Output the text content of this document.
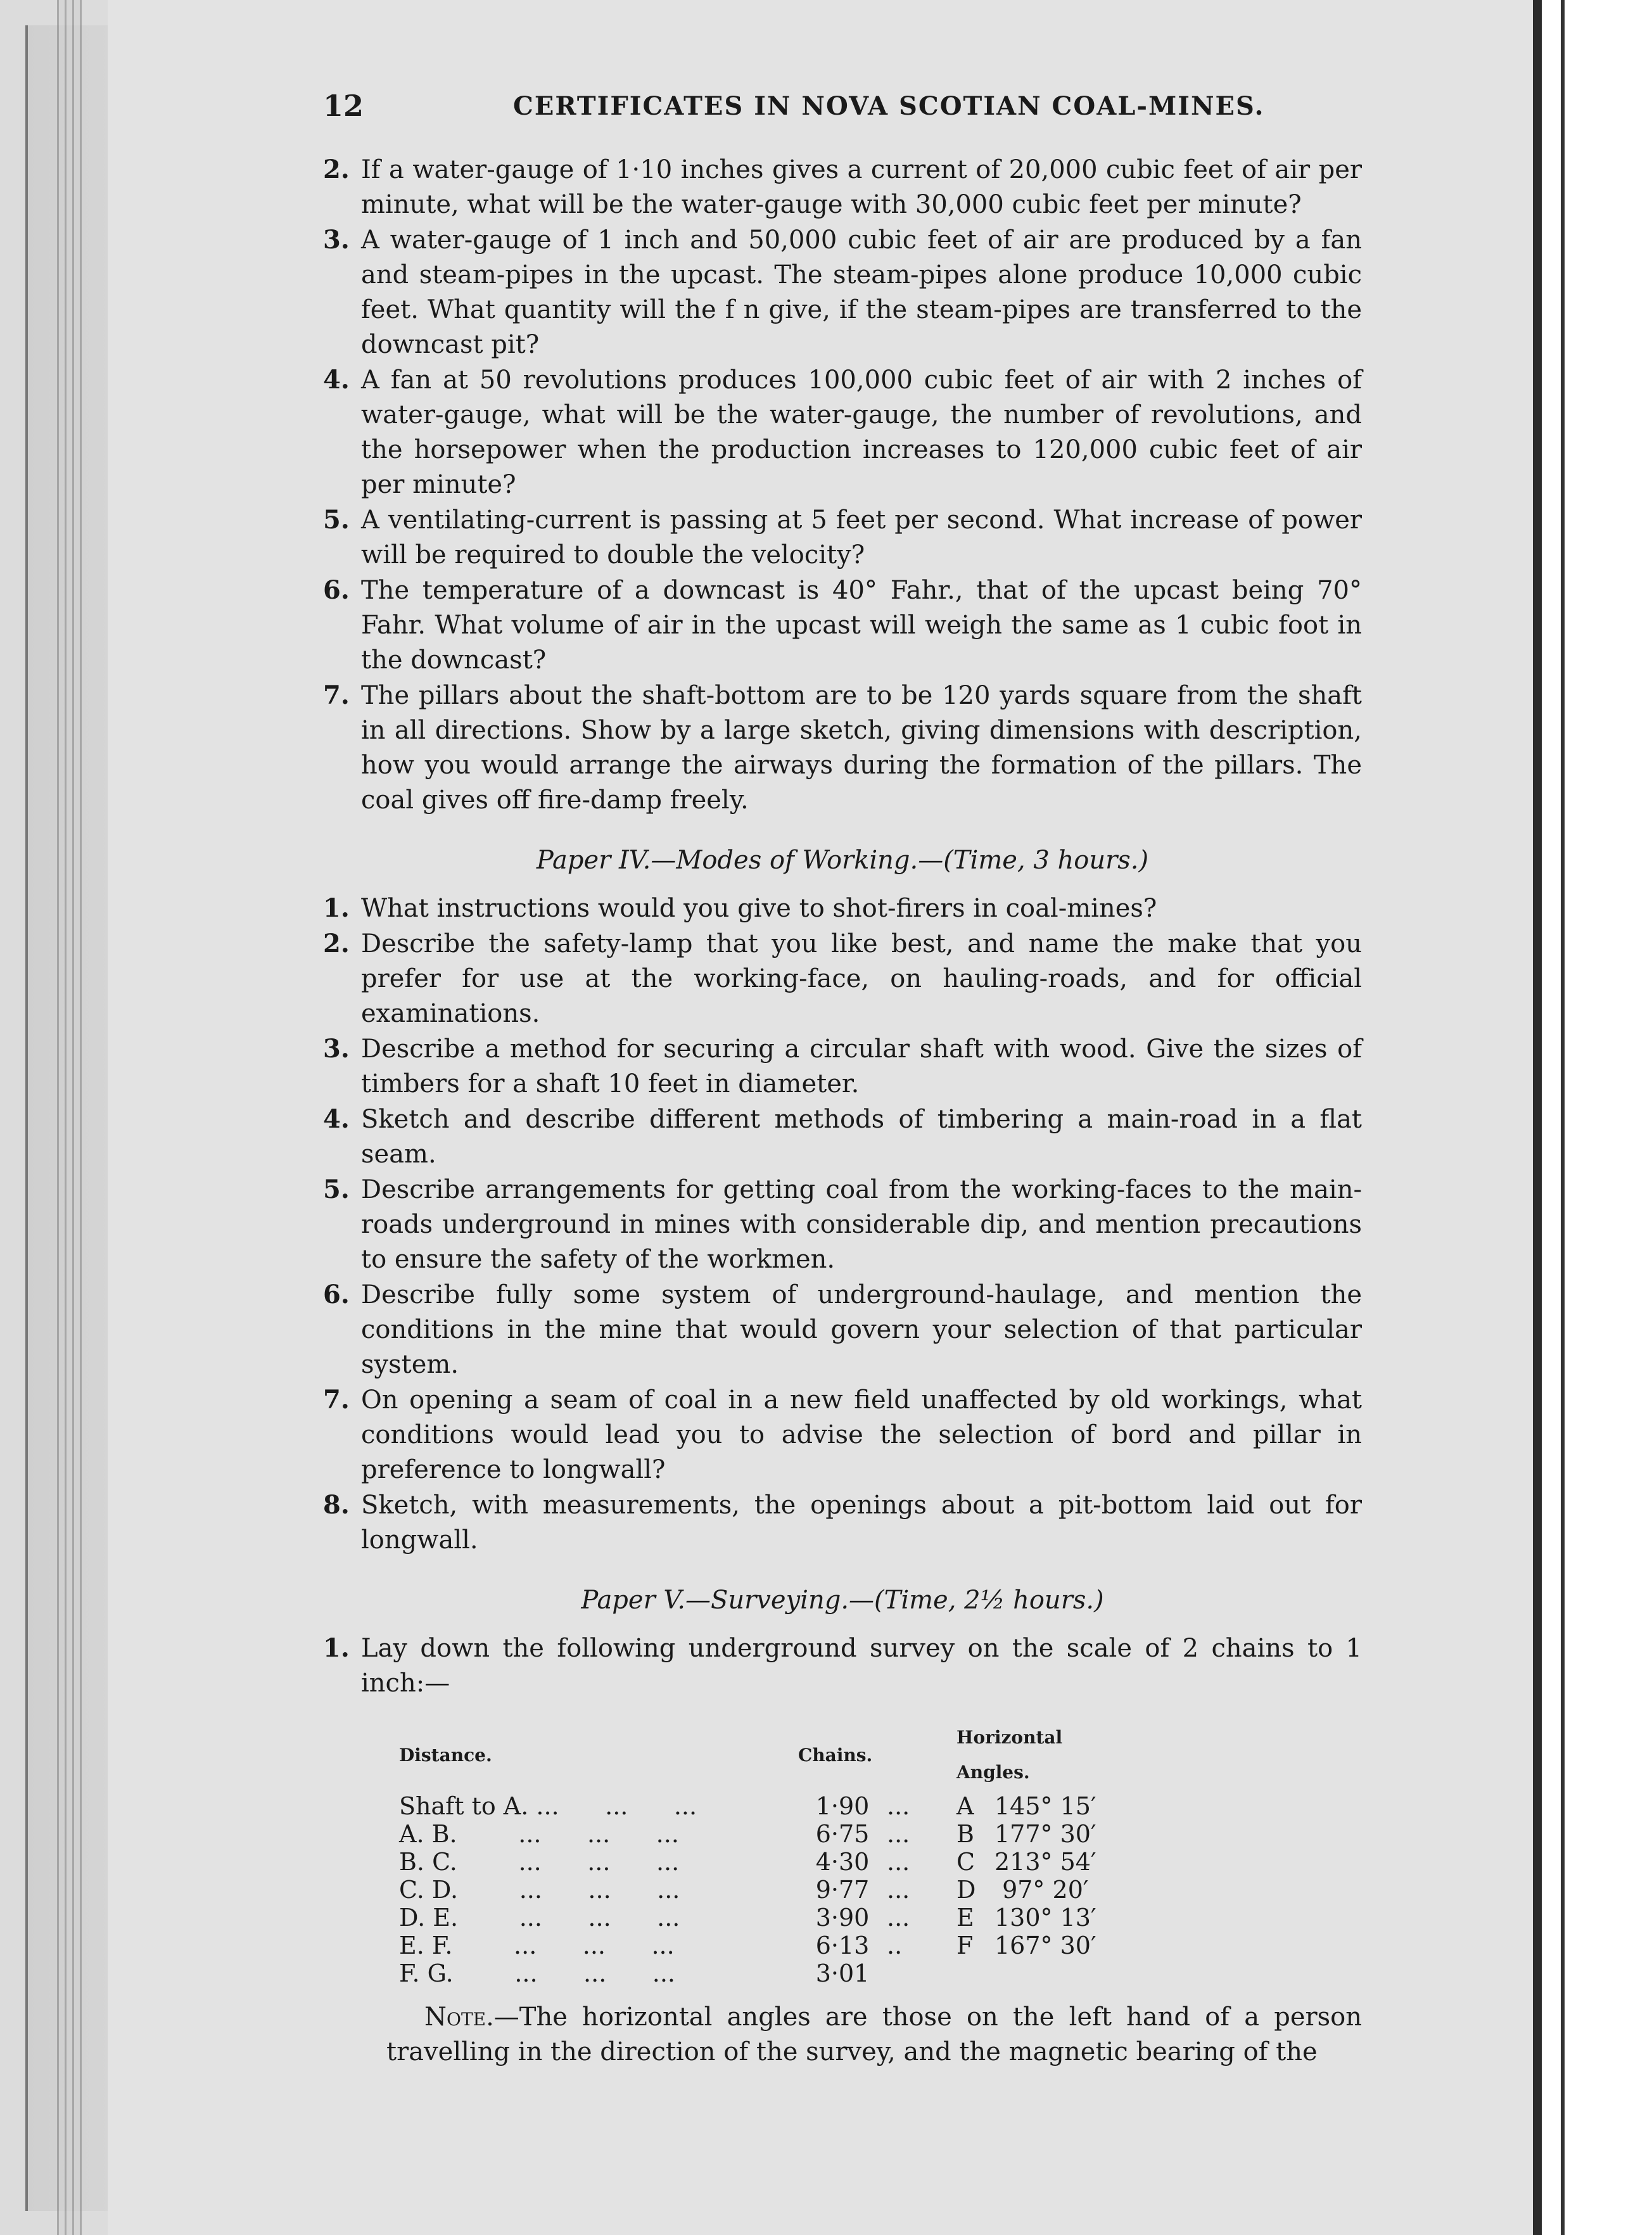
12	CERTIFICATES IN NOVA SCOTIAN COAL-MINES.

2. If a water-gauge of 1·10 inches gives a current of 20,000 cubic feet of air per minute, what will be the water-gauge with 30,000 cubic feet per minute?

3. A water-gauge of 1 inch and 50,000 cubic feet of air are produced by a fan and steam-pipes in the upcast. The steam-pipes alone produce 10,000 cubic feet. What quantity will the f n give, if the steam-pipes are transferred to the downcast pit?

4. A fan at 50 revolutions produces 100,000 cubic feet of air with 2 inches of water-gauge, what will be the water-gauge, the number of revolutions, and the horsepower when the production increases to 120,000 cubic feet of air per minute?

5. A ventilating-current is passing at 5 feet per second. What increase of power will be required to double the velocity?

6. The temperature of a downcast is 40° Fahr., that of the upcast being 70° Fahr. What volume of air in the upcast will weigh the same as 1 cubic foot in the downcast?

7. The pillars about the shaft-bottom are to be 120 yards square from the shaft in all directions. Show by a large sketch, giving dimensions with description, how you would arrange the airways during the formation of the pillars. The coal gives off fire-damp freely.

Paper IV.—Modes of Working.—(Time, 3 hours.)

1. What instructions would you give to shot-firers in coal-mines?

2. Describe the safety-lamp that you like best, and name the make that you prefer for use at the working-face, on hauling-roads, and for official examinations.

3. Describe a method for securing a circular shaft with wood. Give the sizes of timbers for a shaft 10 feet in diameter.

4. Sketch and describe different methods of timbering a main-road in a flat seam.

5. Describe arrangements for getting coal from the working-faces to the main-roads underground in mines with considerable dip, and mention precautions to ensure the safety of the workmen.

6. Describe fully some system of underground-haulage, and mention the conditions in the mine that would govern your selection of that particular system.

7. On opening a seam of coal in a new field unaffected by old workings, what conditions would lead you to advise the selection of bord and pillar in preference to longwall?

8. Sketch, with measurements, the openings about a pit-bottom laid out for longwall.

Paper V.—Surveying.—(Time, 2½ hours.)

1. Lay down the following underground survey on the scale of 2 chains to 1 inch:—

Distance.	Chains.		Horizontal Angles.	
Shaft to A. ...      ...      ...	1·90	...	A	145° 15′
A. B.        ...      ...      ...	6·75	...	B	177° 30′
B. C.        ...      ...      ...	4·30	...	C	213° 54′
C. D.        ...      ...      ...	9·77	...	D	97° 20′
D. E.        ...      ...      ...	3·90	...	E	130° 13′
E. F.        ...      ...      ...	6·13	..	F	167° 30′
F. G.        ...      ...      ...	3·01			

Note.—The horizontal angles are those on the left hand of a person travelling in the direction of the survey, and the magnetic bearing of the
